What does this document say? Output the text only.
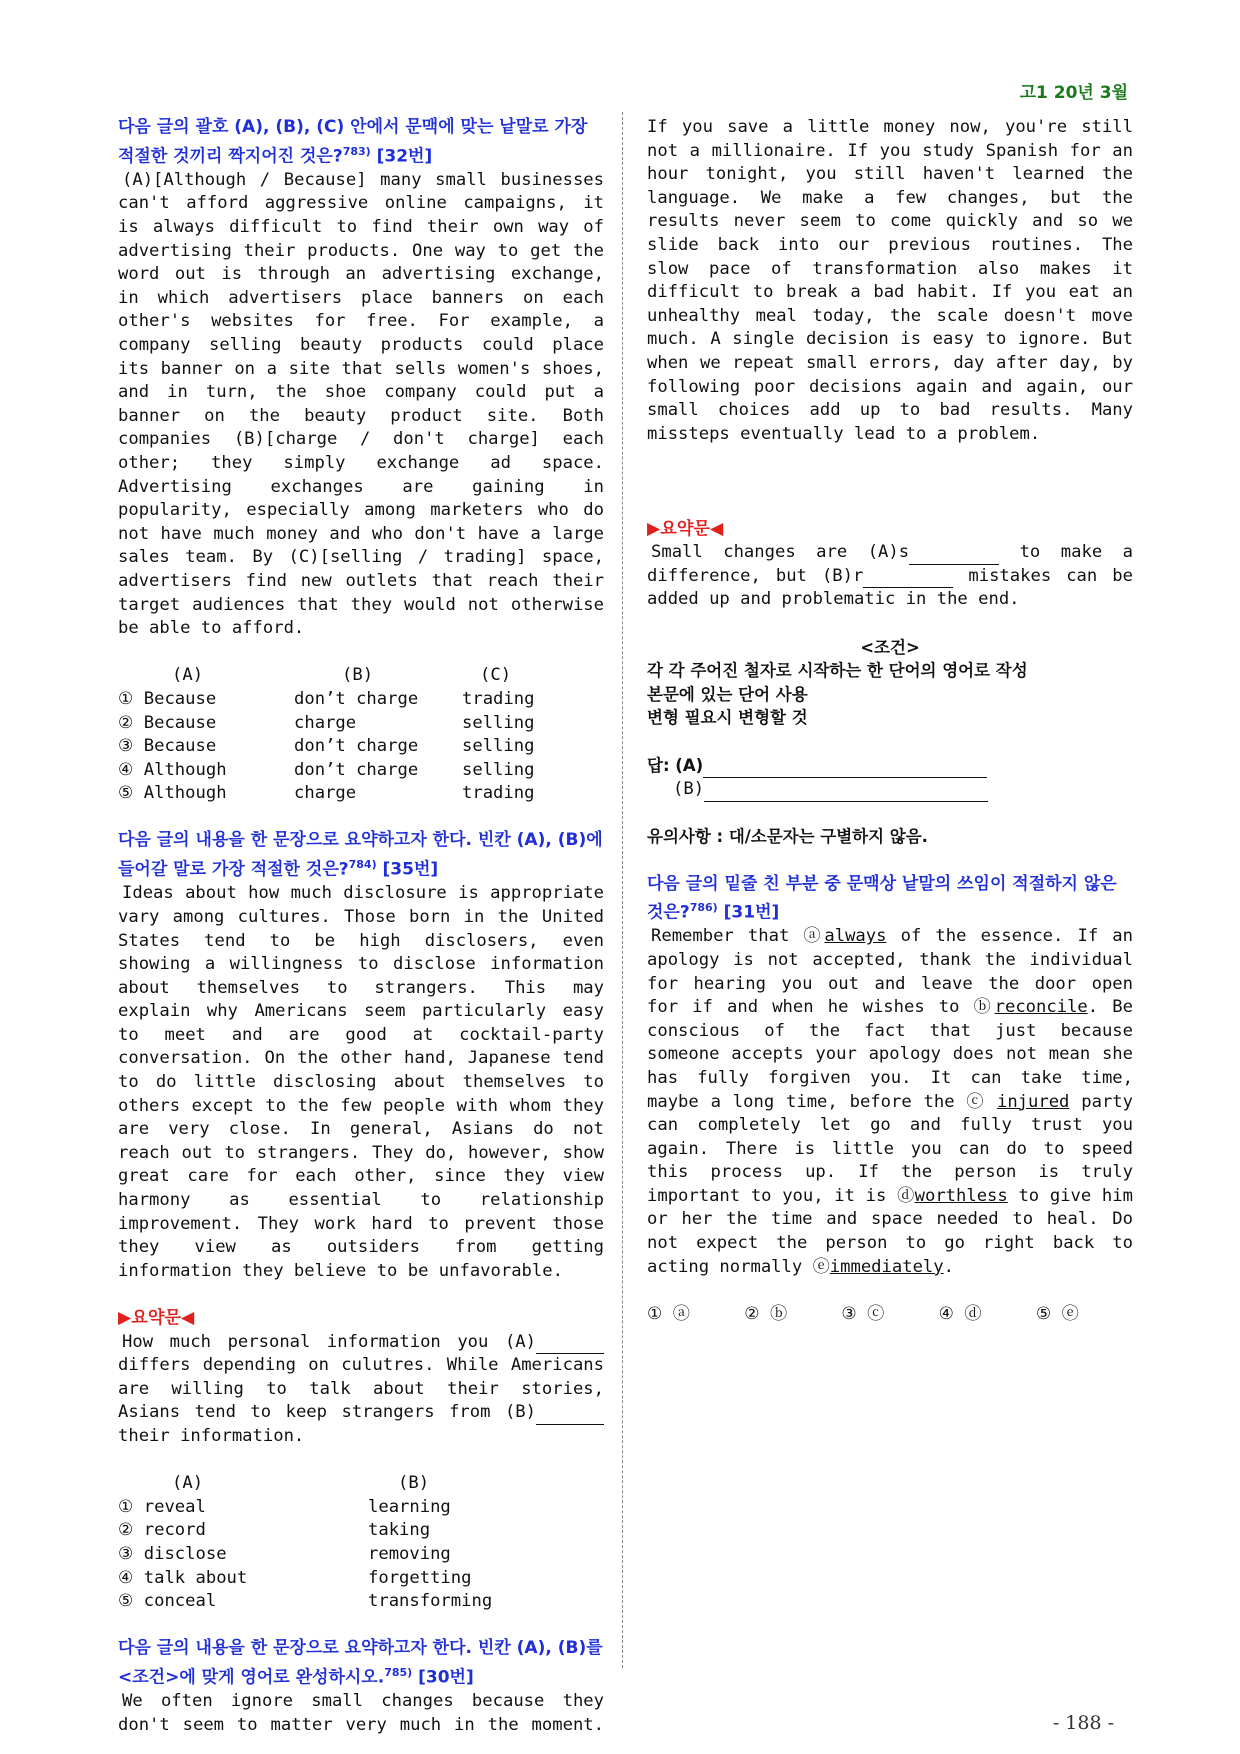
고1 20년 3월
다음 글의 괄호 (A), (B), (C) 안에서 문맥에 맞는 낱말로 가장 적절한 것끼리 짝지어진 것은?$^{783)}$ [32번]

(A)[Although / Because] many small businesses can't afford aggressive online campaigns, it is always difficult to find their own way of advertising their products. One way to get the word out is through an advertising exchange, in which advertisers place banners on each other's websites for free. For example, a company selling beauty products could place its banner on a site that sells women's shoes, and in turn, the shoe company could put a banner on the beauty product site. Both companies (B)[charge / don't charge] each other; they simply exchange ad space. Advertising exchanges are gaining in popularity, especially among marketers who do not have much money and who don't have a large sales team. By (C)[selling / trading] space, advertisers find new outlets that reach their target audiences that they would not otherwise be able to afford.

(A)	(B)	(C)
① Because	don’t charge	trading
② Because	charge	selling
③ Because	don’t charge	selling
④ Although	don’t charge	selling
⑤ Although	charge	trading
다음 글의 내용을 한 문장으로 요약하고자 한다. 빈칸 (A), (B)에 들어갈 말로 가장 적절한 것은?$^{784)}$ [35번]

Ideas about how much disclosure is appropriate vary among cultures. Those born in the United States tend to be high disclosers, even showing a willingness to disclose information about themselves to strangers. This may explain why Americans seem particularly easy to meet and are good at cocktail-party conversation. On the other hand, Japanese tend to do little disclosing about themselves to others except to the few people with whom they are very close. In general, Asians do not reach out to strangers. They do, however, show great care for each other, since they view harmony as essential to relationship improvement. They work hard to prevent those they view as outsiders from getting information they believe to be unfavorable.

▶요약문◀

How much personal information you (A) differs depending on culutres. While Americans are willing to talk about their stories, Asians tend to keep strangers from (B) their information.

(A)	(B)
① reveal	learning
② record	taking
③ disclose	removing
④ talk about	forgetting
⑤ conceal	transforming
다음 글의 내용을 한 문장으로 요약하고자 한다. 빈칸 (A), (B)를 <조건>에 맞게 영어로 완성하시오.$^{785)}$ [30번]

We often ignore small changes because they don't seem to matter very much in the moment.

If you save a little money now, you're still not a millionaire. If you study Spanish for an hour tonight, you still haven't learned the language. We make a few changes, but the results never seem to come quickly and so we slide back into our previous routines. The slow pace of transformation also makes it difficult to break a bad habit. If you eat an unhealthy meal today, the scale doesn't move much. A single decision is easy to ignore. But when we repeat small errors, day after day, by following poor decisions again and again, our small choices add up to bad results. Many missteps eventually lead to a problem.

▶요약문◀

Small changes are (A)s	to make a difference, but (B)r	mistakes can be added up and problematic in the end.

<조건>
각 각 주어진 철자로 시작하는 한 단어의 영어로 작성
본문에 있는 단어 사용
변형 필요시 변형할 것
답: (A)
(B)
유의사항 : 대/소문자는 구별하지 않음.
다음 글의 밑줄 친 부분 중 문맥상 낱말의 쓰임이 적절하지 않은 것은?$^{786)}$ [31번]

Remember that ⓐalways of the essence. If an apology is not accepted, thank the individual for hearing you out and leave the door open for if and when he wishes to ⓑreconcile. Be conscious of the fact that just because someone accepts your apology does not mean she has fully forgiven you. It can take time, maybe a long time, before the ⓒ injured party can completely let go and fully trust you again. There is little you can do to speed this process up. If the person is truly important to you, it is ⓓworthless to give him or her the time and space needed to heal. Do not expect the person to go right back to acting normally ⓔimmediately.

① ⓐ	② ⓑ	③ ⓒ	④ ⓓ	⑤ ⓔ
- 188 -
